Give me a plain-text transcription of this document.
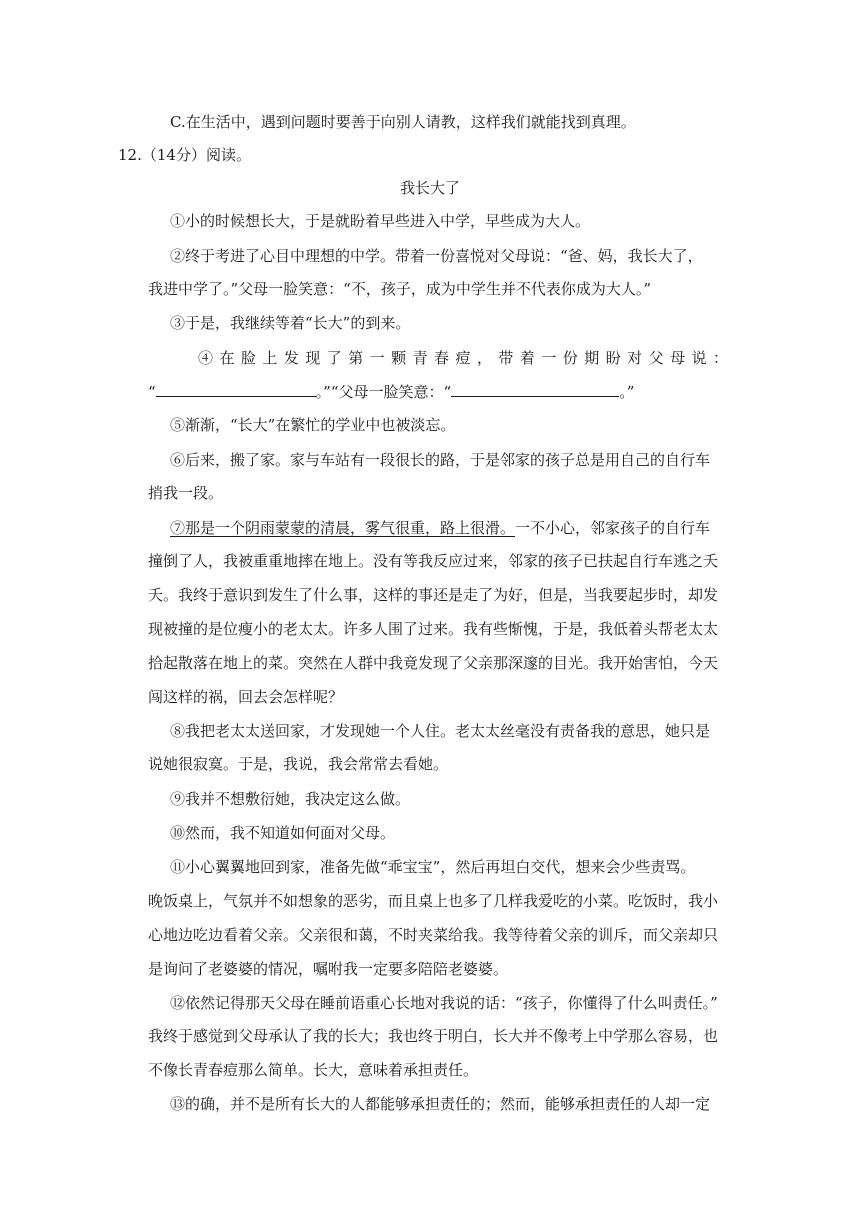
C.在生活中，遇到问题时要善于向别人请教，这样我们就能找到真理。
12.（14分）阅读。
我长大了
①小的时候想长大，于是就盼着早些进入中学，早些成为大人。
②终于考进了心目中理想的中学。带着一份喜悦对父母说：“爸、妈，我长大了，
我进中学了。”父母一脸笑意：“不，孩子，成为中学生并不代表你成为大人。”
③于是，我继续等着“长大”的到来。
④在脸上发现了第一颗青春痘，带着一份期盼对父母说：
“	。”“父母一脸笑意：“	。”
⑤渐渐，“长大”在繁忙的学业中也被淡忘。
⑥后来，搬了家。家与车站有一段很长的路，于是邻家的孩子总是用自己的自行车
捎我一段。
⑦那是一个阴雨蒙蒙的清晨，雾气很重，路上很滑。一不小心，邻家孩子的自行车
撞倒了人，我被重重地摔在地上。没有等我反应过来，邻家的孩子已扶起自行车逃之夭
夭。我终于意识到发生了什么事，这样的事还是走了为好，但是，当我要起步时，却发
现被撞的是位瘦小的老太太。许多人围了过来。我有些惭愧，于是，我低着头帮老太太
拾起散落在地上的菜。突然在人群中我竟发现了父亲那深邃的目光。我开始害怕，今天
闯这样的祸，回去会怎样呢？
⑧我把老太太送回家，才发现她一个人住。老太太丝毫没有责备我的意思，她只是
说她很寂寞。于是，我说，我会常常去看她。
⑨我并不想敷衍她，我决定这么做。
⑩然而，我不知道如何面对父母。
⑪小心翼翼地回到家，准备先做“乖宝宝”，然后再坦白交代，想来会少些责骂。
晚饭桌上，气氛并不如想象的恶劣，而且桌上也多了几样我爱吃的小菜。吃饭时，我小
心地边吃边看着父亲。父亲很和蔼，不时夹菜给我。我等待着父亲的训斥，而父亲却只
是询问了老婆婆的情况，嘱咐我一定要多陪陪老婆婆。
⑫依然记得那天父母在睡前语重心长地对我说的话：“孩子，你懂得了什么叫责任。”
我终于感觉到父母承认了我的长大；我也终于明白，长大并不像考上中学那么容易，也
不像长青春痘那么简单。长大，意味着承担责任。
⑬的确，并不是所有长大的人都能够承担责任的；然而，能够承担责任的人却一定
